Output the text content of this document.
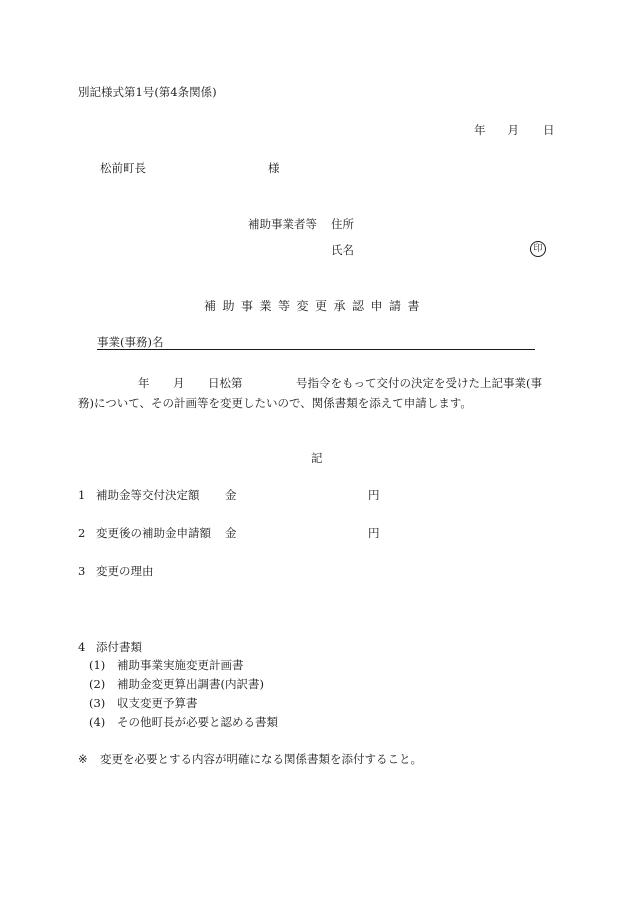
別記様式第1号(第4条関係)
年 月 日
松前町長	様
補助事業者等 住所
氏名	印
補助事業等変更承認申請書
事業(事務)名
年 月 日松第	号指令をもって交付の決定を受けた上記事業(事
務)について、その計画等を変更したいので、関係書類を添えて申請します。
記
1 補助金等交付決定額 金	円
2 変更後の補助金申請額 金	円
3 変更の理由
4 添付書類
(1) 補助事業実施変更計画書
(2) 補助金変更算出調書(内訳書)
(3) 収支変更予算書
(4) その他町長が必要と認める書類
※ 変更を必要とする内容が明確になる関係書類を添付すること。
